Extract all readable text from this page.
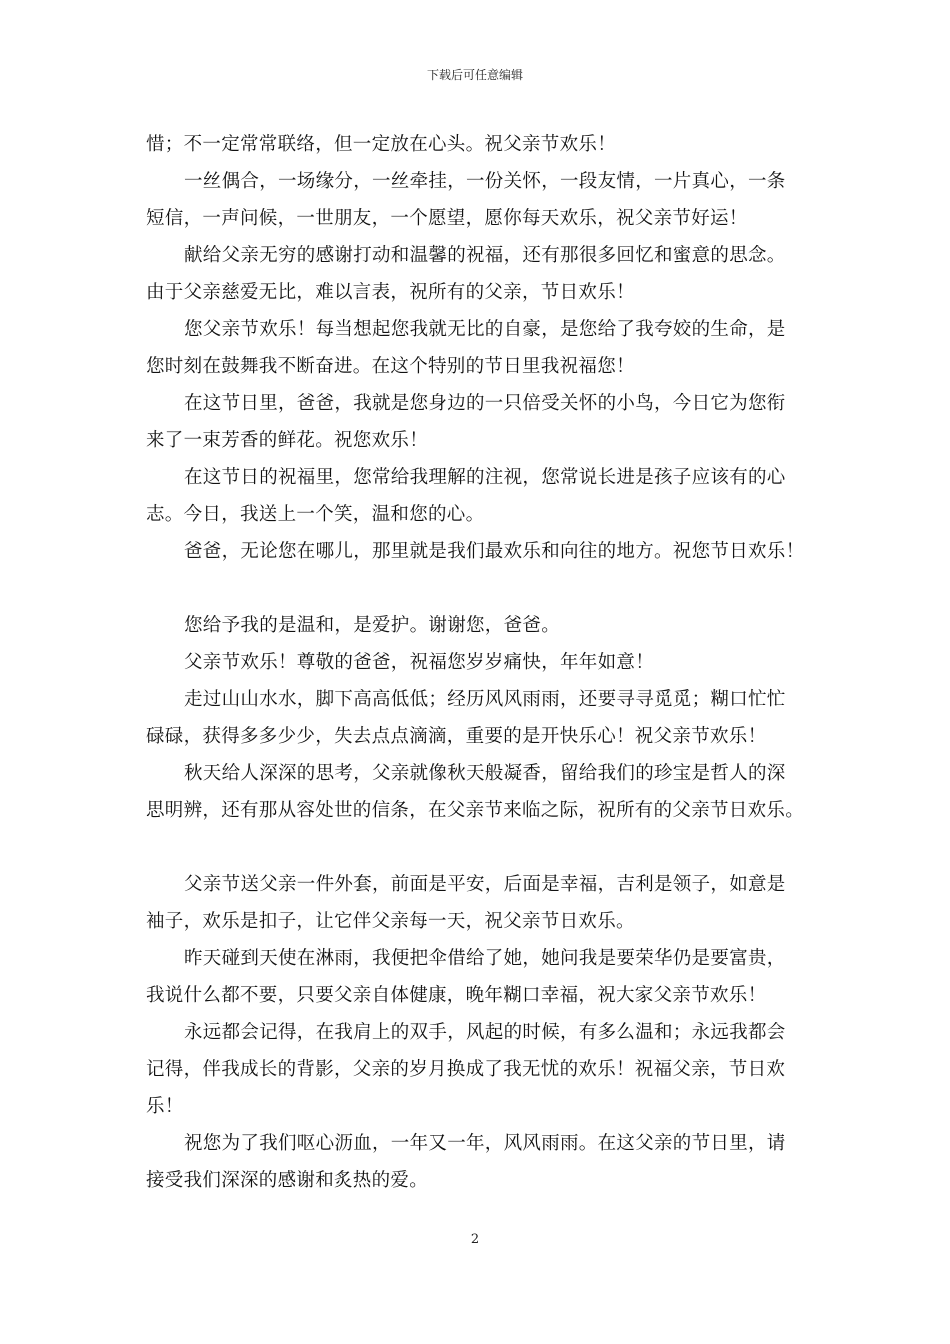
下载后可任意编辑
惜；不一定常常联络，但一定放在心头。祝父亲节欢乐！
一丝偶合，一场缘分，一丝牵挂，一份关怀，一段友情，一片真心，一条
短信，一声问候，一世朋友，一个愿望，愿你每天欢乐，祝父亲节好运！
献给父亲无穷的感谢打动和温馨的祝福，还有那很多回忆和蜜意的思念。
由于父亲慈爱无比，难以言表，祝所有的父亲，节日欢乐！
您父亲节欢乐！每当想起您我就无比的自豪，是您给了我夸姣的生命，是
您时刻在鼓舞我不断奋进。在这个特别的节日里我祝福您！
在这节日里，爸爸，我就是您身边的一只倍受关怀的小鸟，今日它为您衔
来了一束芳香的鲜花。祝您欢乐！
在这节日的祝福里，您常给我理解的注视，您常说长进是孩子应该有的心
志。今日，我送上一个笑，温和您的心。
爸爸，无论您在哪儿，那里就是我们最欢乐和向往的地方。祝您节日欢乐！
您给予我的是温和，是爱护。谢谢您，爸爸。
父亲节欢乐！尊敬的爸爸，祝福您岁岁痛快，年年如意！
走过山山水水，脚下高高低低；经历风风雨雨，还要寻寻觅觅；糊口忙忙
碌碌，获得多多少少，失去点点滴滴，重要的是开快乐心！祝父亲节欢乐！
秋天给人深深的思考，父亲就像秋天般凝香，留给我们的珍宝是哲人的深
思明辨，还有那从容处世的信条，在父亲节来临之际，祝所有的父亲节日欢乐。
父亲节送父亲一件外套，前面是平安，后面是幸福，吉利是领子，如意是
袖子，欢乐是扣子，让它伴父亲每一天，祝父亲节日欢乐。
昨天碰到天使在淋雨，我便把伞借给了她，她问我是要荣华仍是要富贵，
我说什么都不要，只要父亲自体健康，晚年糊口幸福，祝大家父亲节欢乐！
永远都会记得，在我肩上的双手，风起的时候，有多么温和；永远我都会
记得，伴我成长的背影，父亲的岁月换成了我无忧的欢乐！祝福父亲，节日欢
乐！
祝您为了我们呕心沥血，一年又一年，风风雨雨。在这父亲的节日里，请
接受我们深深的感谢和炙热的爱。
2
